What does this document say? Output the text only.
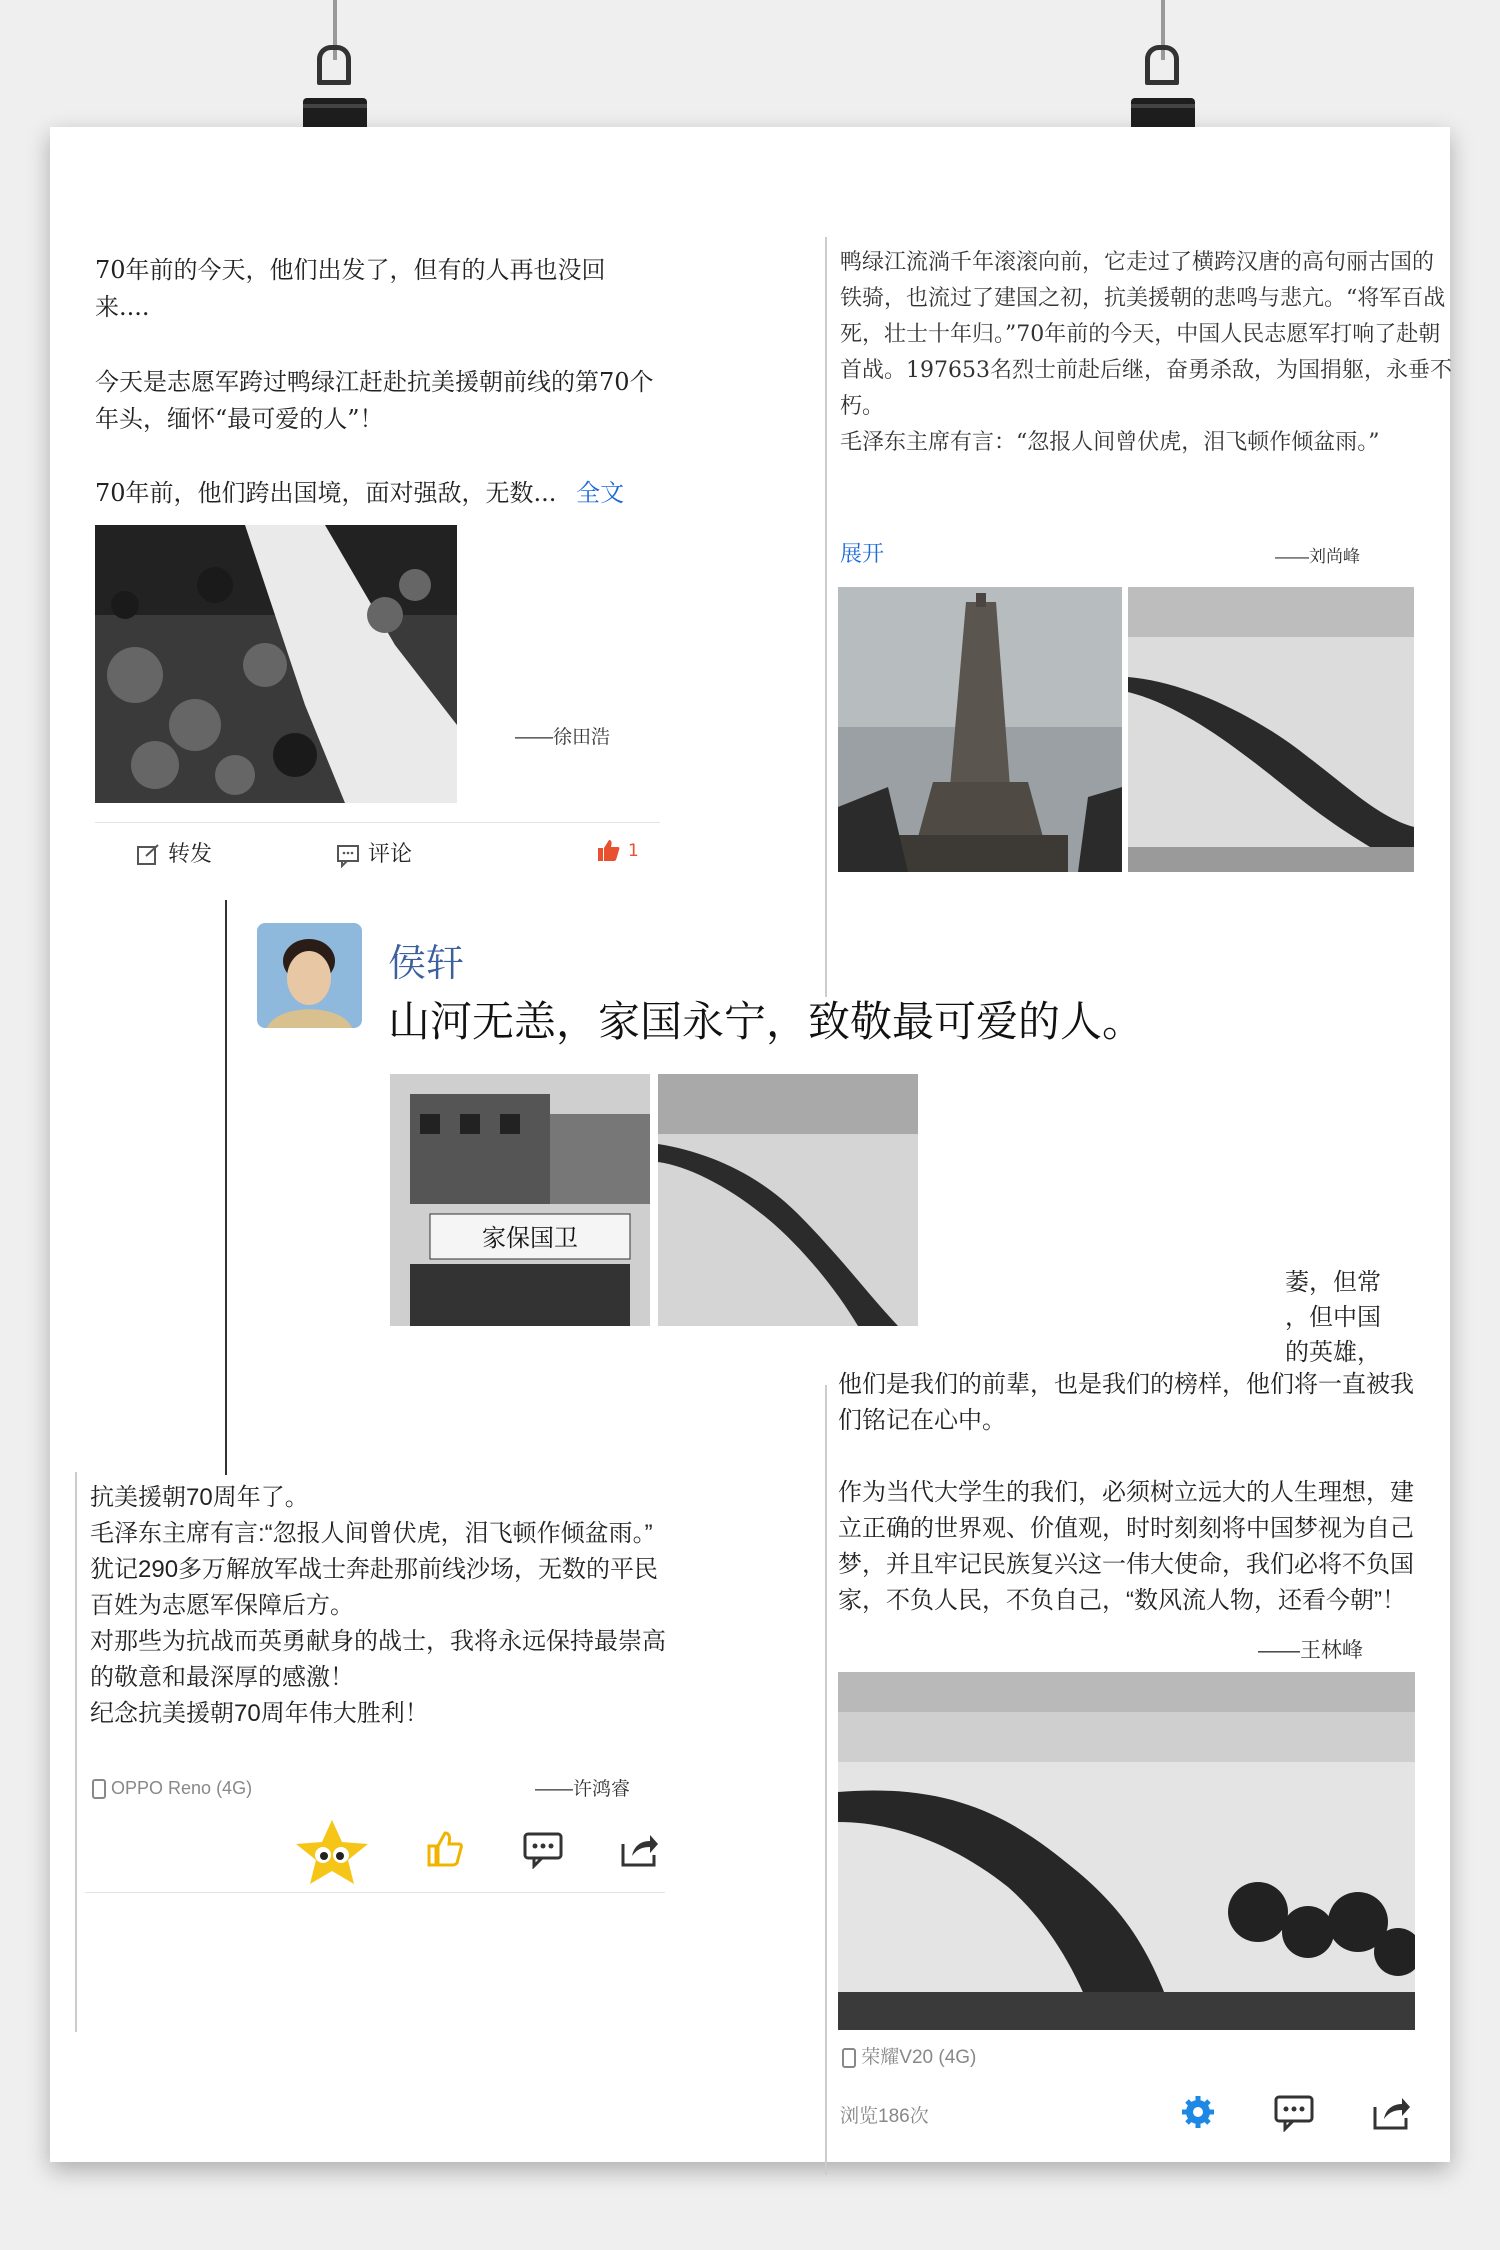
70年前的今天，他们出发了，但有的人再也没回来....
今天是志愿军跨过鸭绿江赶赴抗美援朝前线的第70个年头，缅怀“最可爱的人”！
70年前，他们跨出国境，面对强敌，无数... 全文
——徐田浩
转发	评论	1
鸭绿江流淌千年滚滚向前，它走过了横跨汉唐的高句丽古国的铁骑，也流过了建国之初，抗美援朝的悲鸣与悲亢。“将军百战死，壮士十年归。”70年前的今天，中国人民志愿军打响了赴朝首战。197653名烈士前赴后继，奋勇杀敌，为国捐躯，永垂不朽。
毛泽东主席有言：“忽报人间曾伏虎，泪飞顿作倾盆雨。”
展开	——刘尚峰
侯轩
山河无恙，家国永宁，致敬最可爱的人。
家保国卫
萎，但常
，但中国
的英雄，
他们是我们的前辈，也是我们的榜样，他们将一直被我们铭记在心中。

作为当代大学生的我们，必须树立远大的人生理想，建立正确的世界观、价值观，时时刻刻将中国梦视为自己梦，并且牢记民族复兴这一伟大使命，我们必将不负国家，不负人民，不负自己，“数风流人物，还看今朝”！
——王林峰
荣耀V20 (4G)
浏览186次
抗美援朝70周年了。
毛泽东主席有言:“忽报人间曾伏虎，泪飞顿作倾盆雨。”
犹记290多万解放军战士奔赴那前线沙场，无数的平民百姓为志愿军保障后方。
对那些为抗战而英勇献身的战士，我将永远保持最崇高的敬意和最深厚的感激！
纪念抗美援朝70周年伟大胜利！
OPPO Reno (4G)	——许鸿睿
